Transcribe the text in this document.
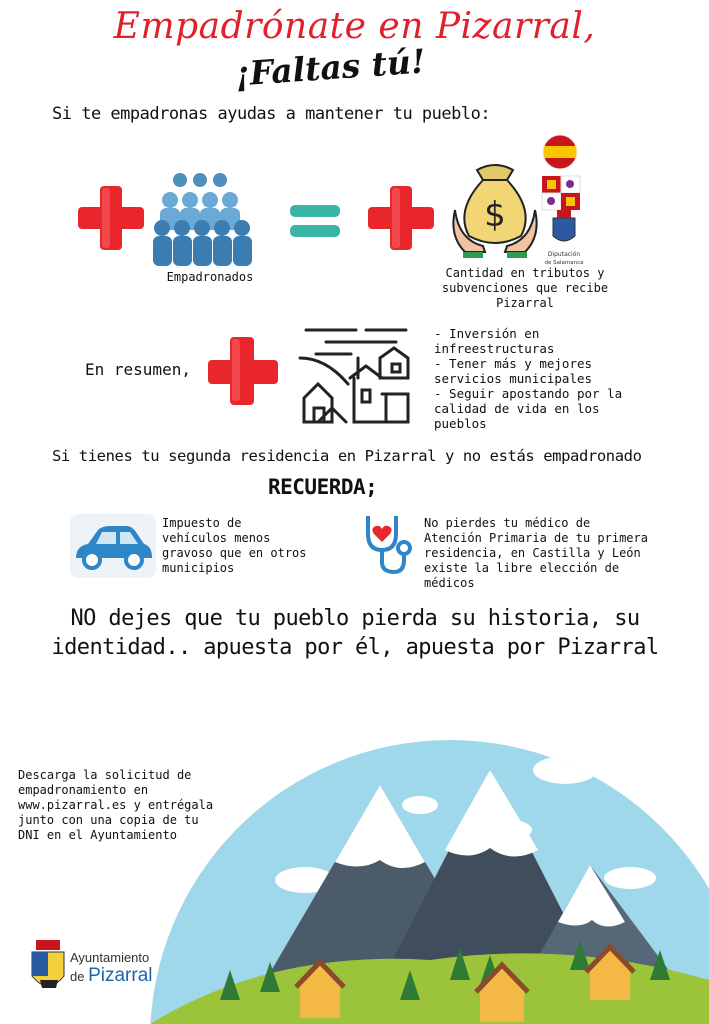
Empadrónate en Pizarral,
¡Faltas tú!
Si te empadronas ayudas a mantener tu pueblo:
$
Diputación
de Salamanca
Empadronados	Cantidad en tributos y subvenciones que recibe Pizarral
En resumen,
- Inversión en infreestructuras
- Tener más y mejores servicios municipales
- Seguir apostando por la calidad de vida en los pueblos
Si tienes tu segunda residencia en Pizarral y no estás empadronado
RECUERDA;
Impuesto de vehículos menos gravoso que en otros municipios
No pierdes tu médico de Atención Primaria de tu primera residencia, en Castilla y León existe la libre elección de médicos
NO dejes que tu pueblo pierda su historia, su identidad.. apuesta por él, apuesta por Pizarral
Descarga la solicitud de empadronamiento en www.pizarral.es y entrégala junto con una copia de tu DNI en el Ayuntamiento
Ayuntamiento
de Pizarral
